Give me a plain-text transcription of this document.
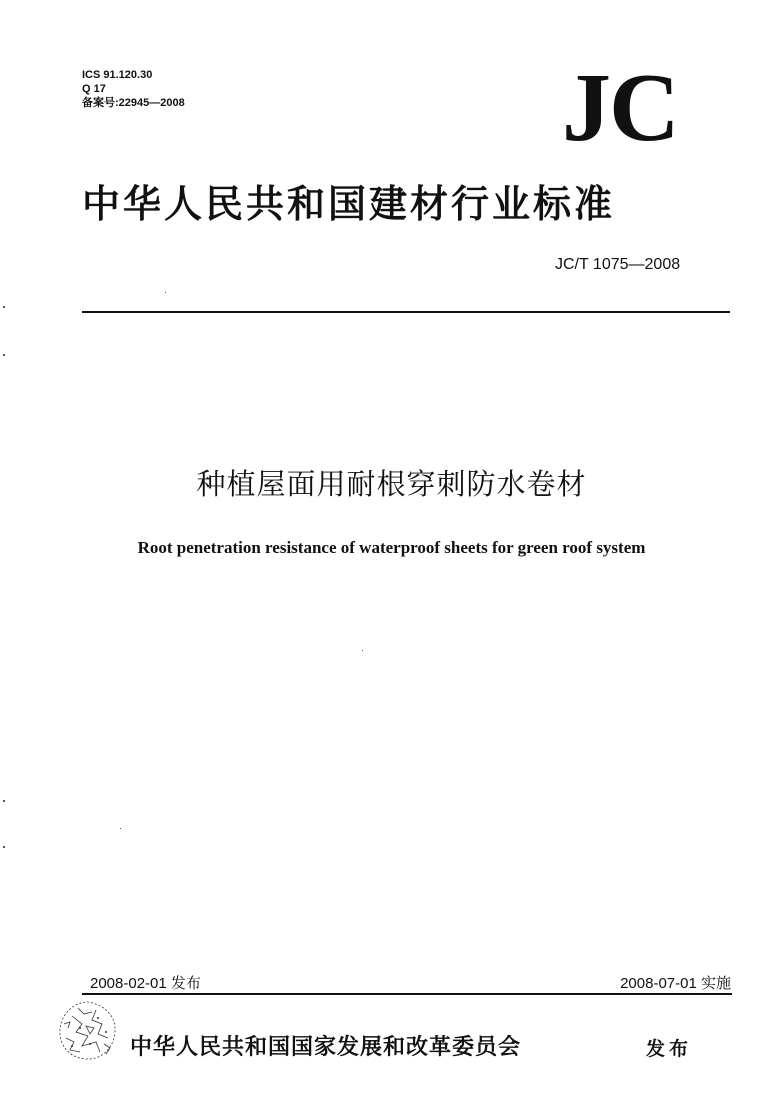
ICS 91.120.30
Q 17
备案号:22945—2008	JC
中华人民共和国建材行业标准
JC/T 1075—2008
种植屋面用耐根穿刺防水卷材
Root penetration resistance of waterproof sheets for green roof system
2008-02-01 发布	2008-07-01 实施
中华人民共和国国家发展和改革委员会	发布
